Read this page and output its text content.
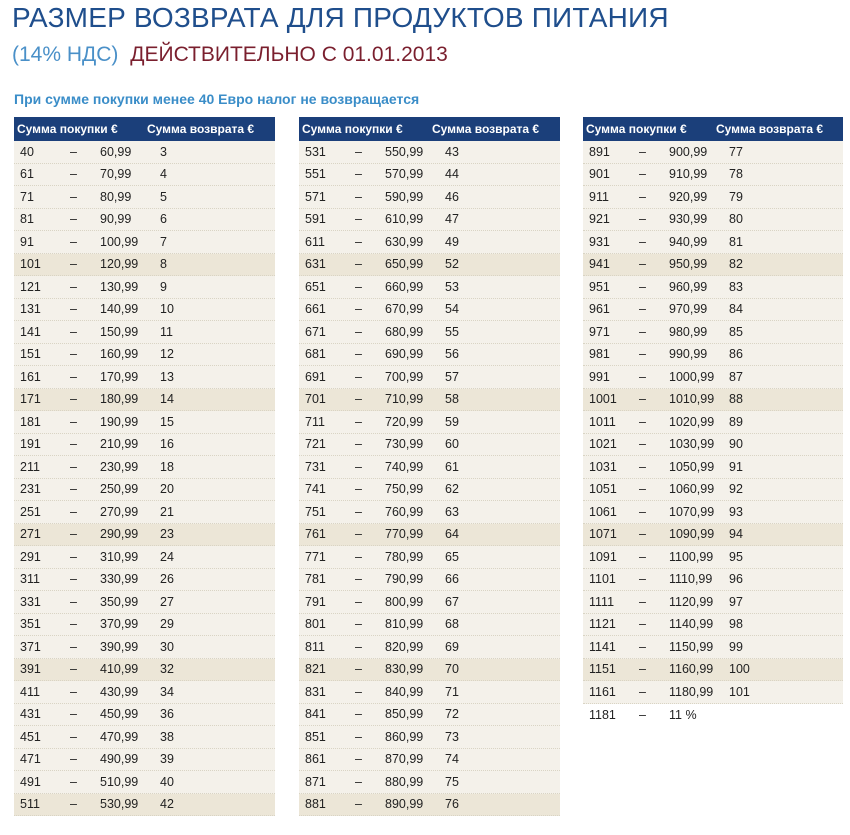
РАЗМЕР ВОЗВРАТА ДЛЯ ПРОДУКТОВ ПИТАНИЯ
(14% НДС) ДЕЙСТВИТЕЛЬНО С 01.01.2013
При сумме покупки менее 40 Евро налог не возвращается
Сумма покупки €	Сумма возврата €
40	–	60,99	3
61	–	70,99	4
71	–	80,99	5
81	–	90,99	6
91	–	100,99	7
101	–	120,99	8
121	–	130,99	9
131	–	140,99	10
141	–	150,99	11
151	–	160,99	12
161	–	170,99	13
171	–	180,99	14
181	–	190,99	15
191	–	210,99	16
211	–	230,99	18
231	–	250,99	20
251	–	270,99	21
271	–	290,99	23
291	–	310,99	24
311	–	330,99	26
331	–	350,99	27
351	–	370,99	29
371	–	390,99	30
391	–	410,99	32
411	–	430,99	34
431	–	450,99	36
451	–	470,99	38
471	–	490,99	39
491	–	510,99	40
511	–	530,99	42
Сумма покупки €	Сумма возврата €
531	–	550,99	43
551	–	570,99	44
571	–	590,99	46
591	–	610,99	47
611	–	630,99	49
631	–	650,99	52
651	–	660,99	53
661	–	670,99	54
671	–	680,99	55
681	–	690,99	56
691	–	700,99	57
701	–	710,99	58
711	–	720,99	59
721	–	730,99	60
731	–	740,99	61
741	–	750,99	62
751	–	760,99	63
761	–	770,99	64
771	–	780,99	65
781	–	790,99	66
791	–	800,99	67
801	–	810,99	68
811	–	820,99	69
821	–	830,99	70
831	–	840,99	71
841	–	850,99	72
851	–	860,99	73
861	–	870,99	74
871	–	880,99	75
881	–	890,99	76
Сумма покупки €	Сумма возврата €
891	–	900,99	77
901	–	910,99	78
911	–	920,99	79
921	–	930,99	80
931	–	940,99	81
941	–	950,99	82
951	–	960,99	83
961	–	970,99	84
971	–	980,99	85
981	–	990,99	86
991	–	1000,99	87
1001	–	1010,99	88
1011	–	1020,99	89
1021	–	1030,99	90
1031	–	1050,99	91
1051	–	1060,99	92
1061	–	1070,99	93
1071	–	1090,99	94
1091	–	1100,99	95
1101	–	1110,99	96
1111	–	1120,99	97
1121	–	1140,99	98
1141	–	1150,99	99
1151	–	1160,99	100
1161	–	1180,99	101
1181	–	11 %
